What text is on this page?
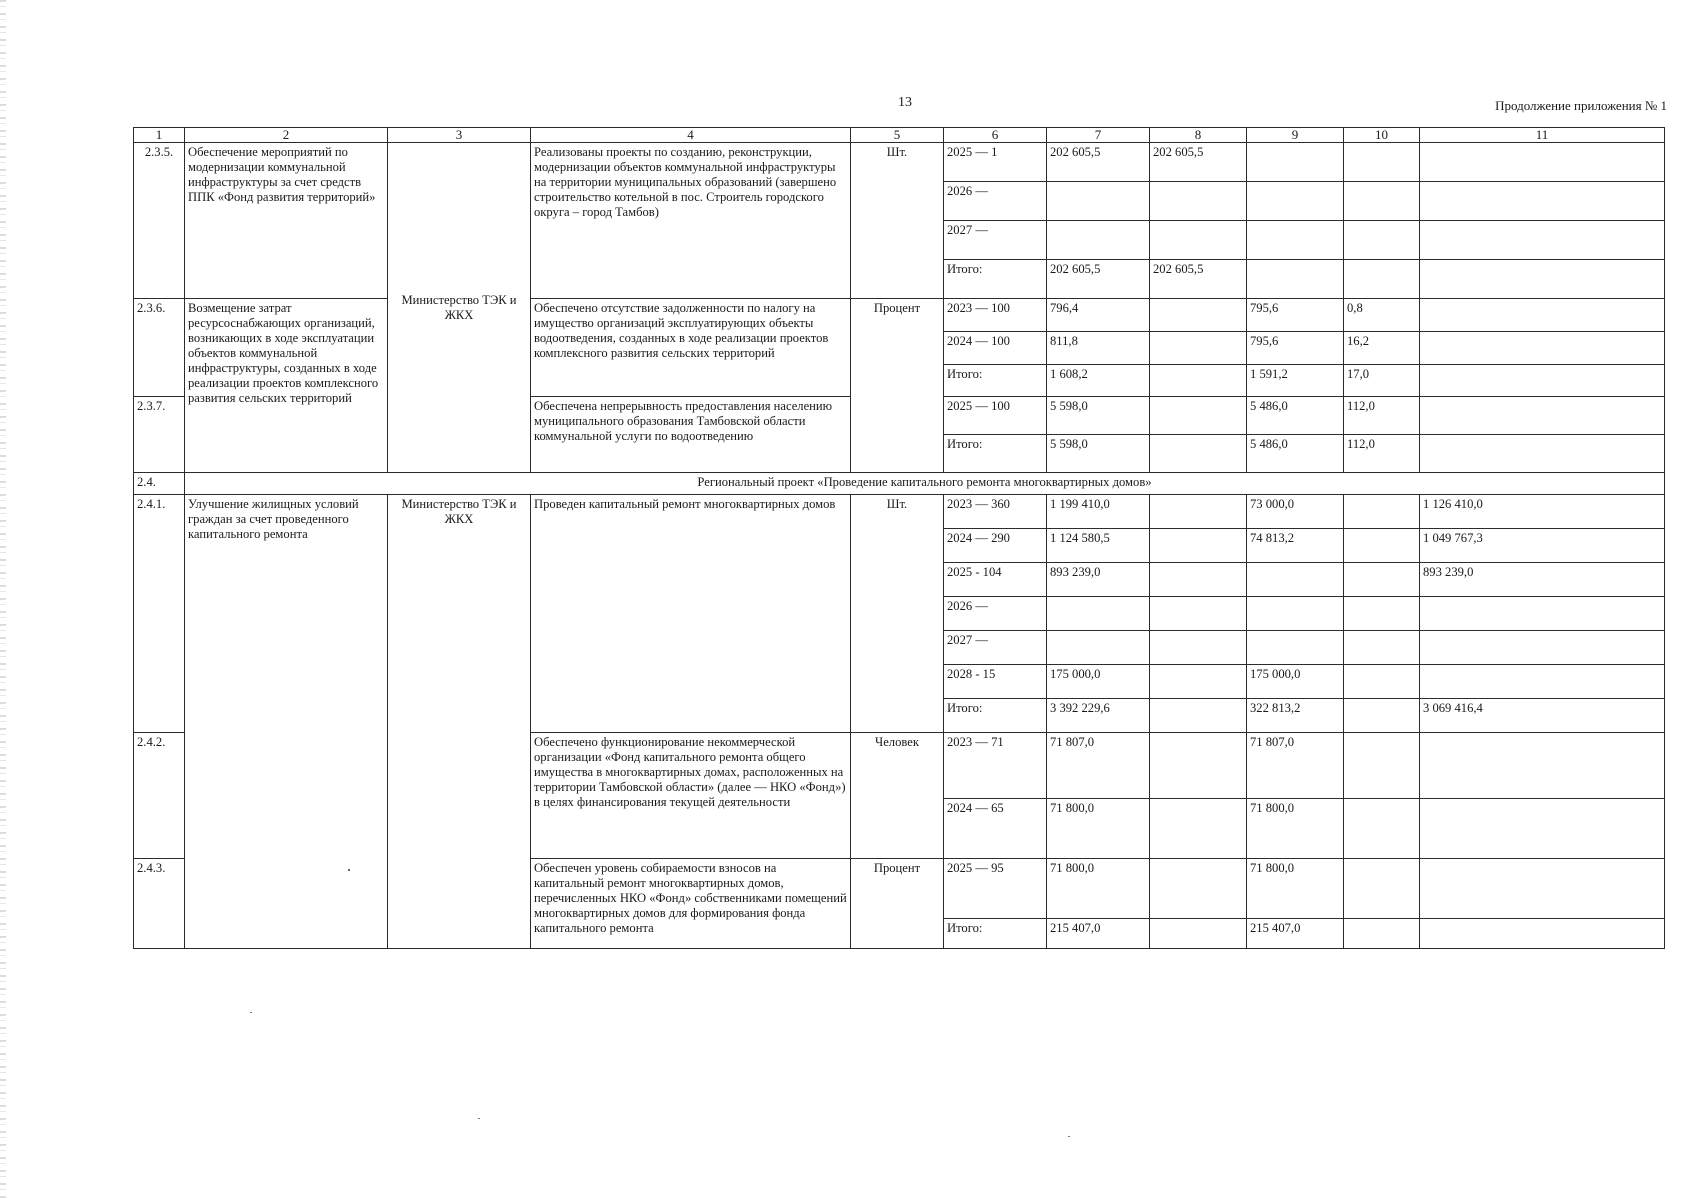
13	Продолжение приложения № 1
1	2	3	4	5	6	7	8	9	10	11
2.3.5.	Обеспечение мероприятий по модернизации коммунальной инфраструктуры за счет средств ППК «Фонд развития территорий»	Министерство ТЭК и ЖКХ	Реализованы проекты по созданию, реконструкции, модернизации объектов коммунальной инфраструктуры на территории муниципальных образований (завершено строительство котельной в пос. Строитель городского округа – город Тамбов)	Шт.	2025 — 1	202 605,5	202 605,5			
					2026 —					
					2027 —					
					Итого:	202 605,5	202 605,5			
2.3.6.	Возмещение затрат ресурсоснабжающих организаций, возникающих в ходе эксплуатации объектов коммунальной инфраструктуры, созданных в ходе реализации проектов комплексного развития сельских территорий		Обеспечено отсутствие задолженности по налогу на имущество организаций эксплуатирующих объекты водоотведения, созданных в ходе реализации проектов комплексного развития сельских территорий	Процент	2023 — 100	796,4		795,6	0,8	
					2024 — 100	811,8		795,6	16,2	
					Итого:	1 608,2		1 591,2	17,0	
2.3.7.			Обеспечена непрерывность предоставления населению муниципального образования Тамбовской области коммунальной услуги по водоотведению		2025 — 100	5 598,0		5 486,0	112,0	
					Итого:	5 598,0		5 486,0	112,0	
2.4.	Региональный проект «Проведение капитального ремонта многоквартирных домов»									
2.4.1.	Улучшение жилищных условий граждан за счет проведенного капитального ремонта	Министерство ТЭК и ЖКХ	Проведен капитальный ремонт многоквартирных домов	Шт.	2023 — 360	1 199 410,0		73 000,0		1 126 410,0
					2024 — 290	1 124 580,5		74 813,2		1 049 767,3
					2025 - 104	893 239,0				893 239,0
					2026 —					
					2027 —					
					2028 - 15	175 000,0		175 000,0		
					Итого:	3 392 229,6		322 813,2		3 069 416,4
2.4.2.			Обеспечено функционирование некоммерческой организации «Фонд капитального ремонта общего имущества в многоквартирных домах, расположенных на территории Тамбовской области» (далее — НКО «Фонд») в целях финансирования текущей деятельности	Человек	2023 — 71	71 807,0		71 807,0		
					2024 — 65	71 800,0		71 800,0		
2.4.3.			Обеспечен уровень собираемости взносов на капитальный ремонт многоквартирных домов, перечисленных НКО «Фонд» собственниками помещений многоквартирных домов для формирования фонда капитального ремонта	Процент	2025 — 95	71 800,0		71 800,0		
					Итого:	215 407,0		215 407,0		
